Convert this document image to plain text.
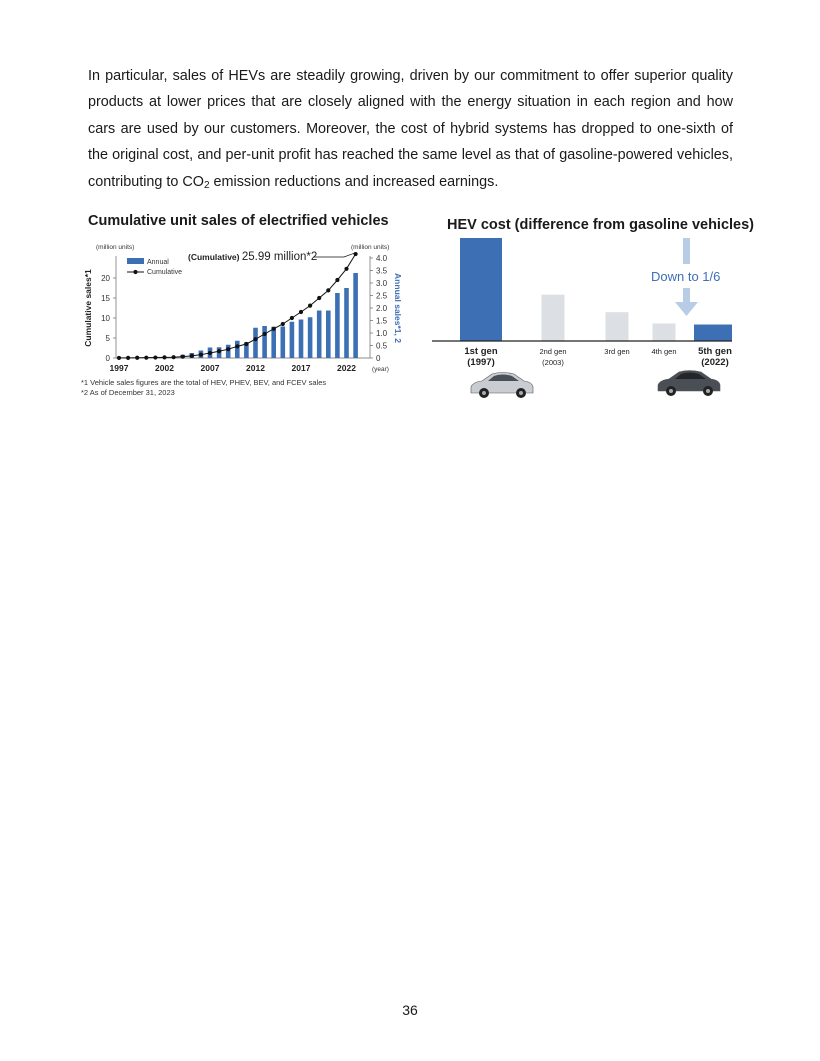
In particular, sales of HEVs are steadily growing, driven by our commitment to offer superior quality products at lower prices that are closely aligned with the energy situation in each region and how cars are used by our customers. Moreover, the cost of hybrid systems has dropped to one-sixth of the original cost, and per-unit profit has reached the same level as that of gasoline-powered vehicles, contributing to $CO_2$ emission reductions and increased earnings.
Cumulative unit sales of electrified vehicles	HEV cost (difference from gasoline vehicles)
0
5
10
15
20
0
0.5
1.0
1.5
2.0
2.5
3.0
3.5
4.0
(million units)	(million units)
Cumulative sales*1	Annual sales*1, 2
1997	2002	2007	2012	2017	2022 (year)
Annual
Cumulative
(Cumulative) 25.99 million*2
*1 Vehicle sales figures are the total of HEV, PHEV, BEV, and FCEV sales
*2 As of December 31, 2023
1st gen
(1997)
2nd gen
(2003)
3rd gen	4th gen 5th gen
(2022)
Down to 1/6
36
